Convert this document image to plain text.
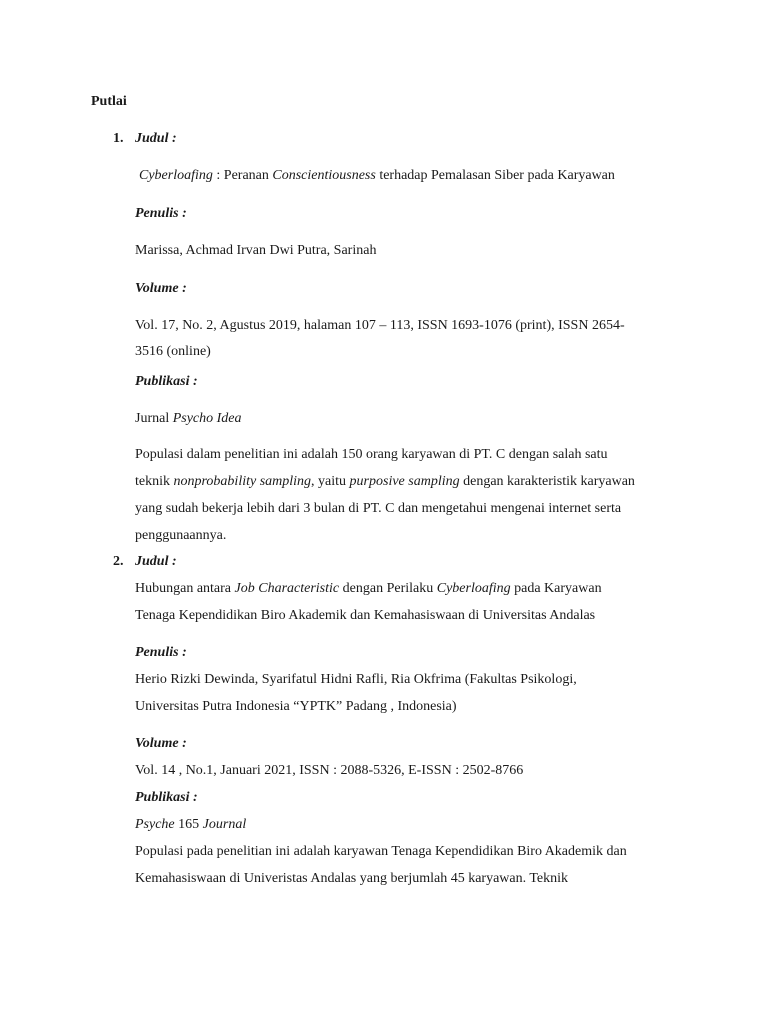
Putlai
1. Judul :
Cyberloafing : Peranan Conscientiousness terhadap Pemalasan Siber pada Karyawan
Penulis :
Marissa, Achmad Irvan Dwi Putra, Sarinah
Volume :
Vol. 17, No. 2, Agustus 2019, halaman 107 – 113, ISSN 1693-1076 (print), ISSN 2654-
3516 (online)
Publikasi :
Jurnal Psycho Idea
Populasi dalam penelitian ini adalah 150 orang karyawan di PT. C dengan salah satu
teknik nonprobability sampling, yaitu purposive sampling dengan karakteristik karyawan
yang sudah bekerja lebih dari 3 bulan di PT. C dan mengetahui mengenai internet serta
penggunaannya.
2. Judul :
Hubungan antara Job Characteristic dengan Perilaku Cyberloafing pada Karyawan
Tenaga Kependidikan Biro Akademik dan Kemahasiswaan di Universitas Andalas
Penulis :
Herio Rizki Dewinda, Syarifatul Hidni Rafli, Ria Okfrima (Fakultas Psikologi,
Universitas Putra Indonesia “YPTK” Padang , Indonesia)
Volume :
Vol. 14 , No.1, Januari 2021, ISSN : 2088-5326, E-ISSN : 2502-8766
Publikasi :
Psyche 165 Journal
Populasi pada penelitian ini adalah karyawan Tenaga Kependidikan Biro Akademik dan
Kemahasiswaan di Univeristas Andalas yang berjumlah 45 karyawan. Teknik
